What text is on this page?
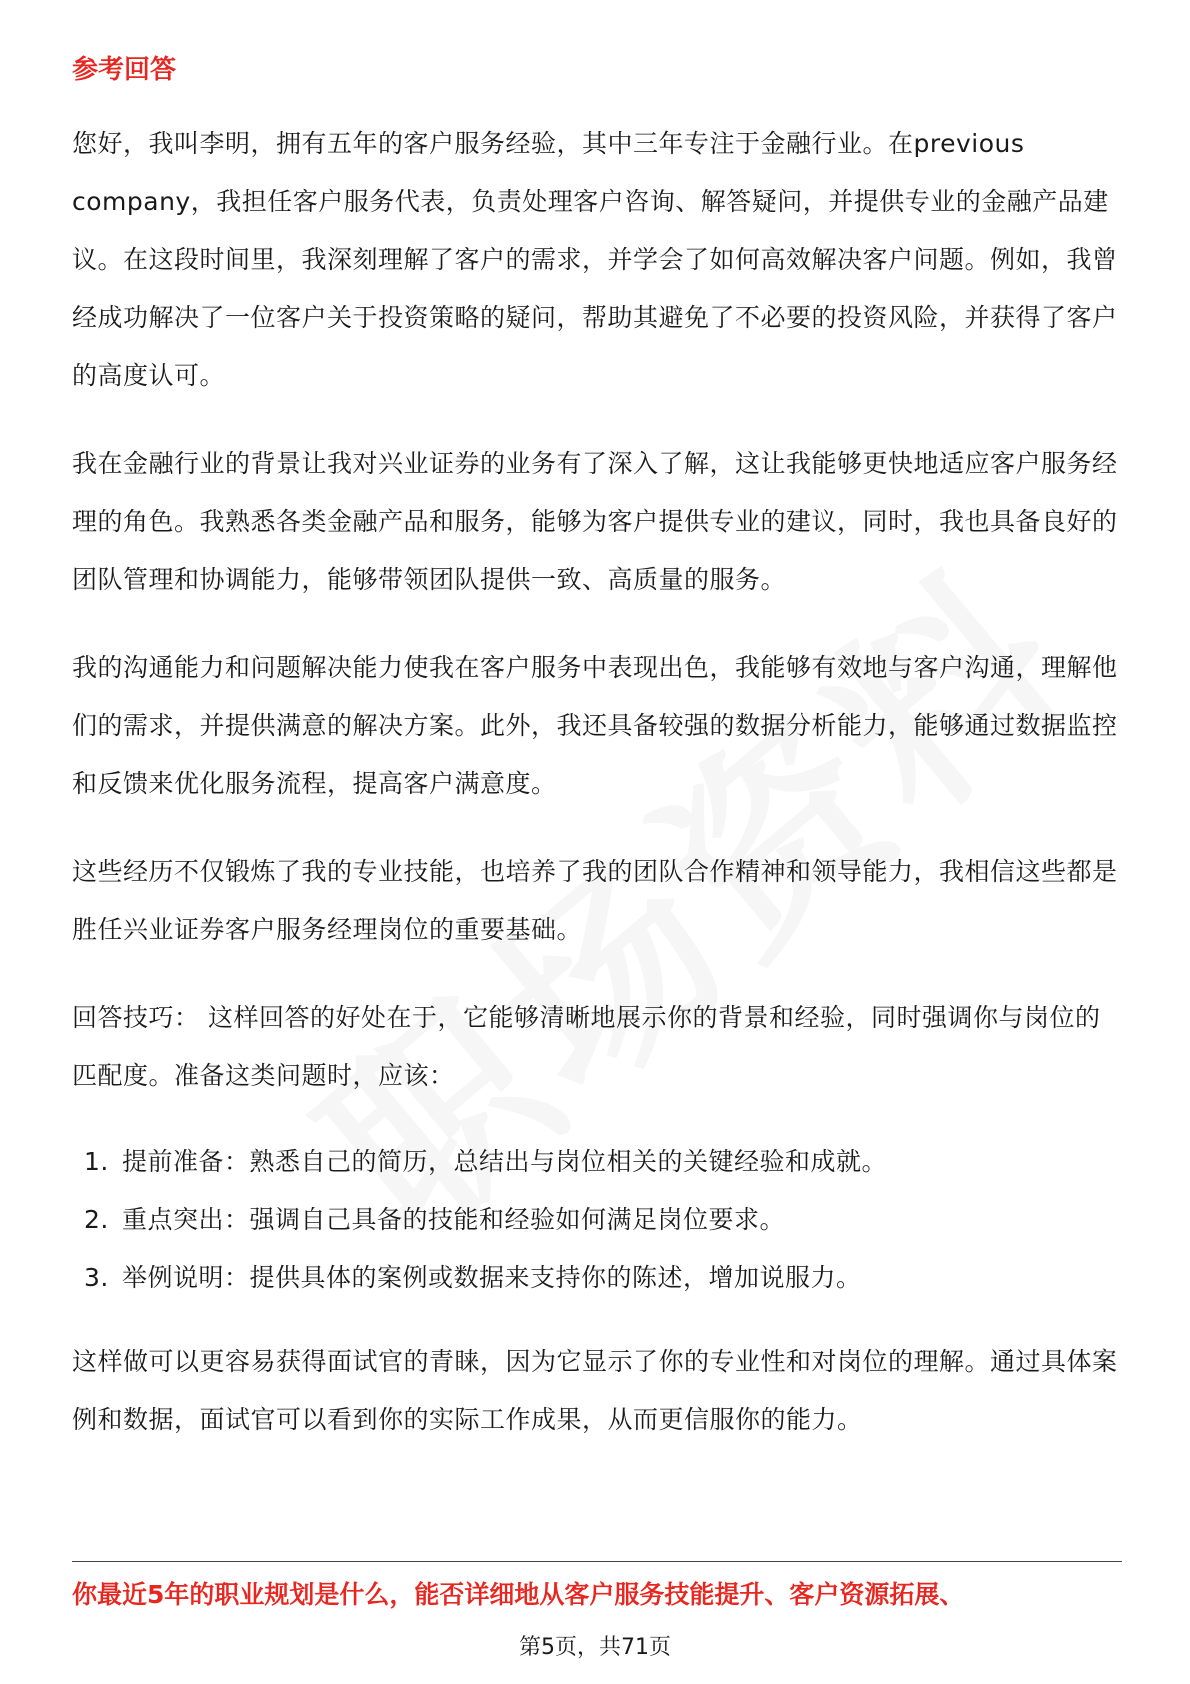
参考回答

您好，我叫李明，拥有五年的客户服务经验，其中三年专注于金融行业。在previous company，我担任客户服务代表，负责处理客户咨询、解答疑问，并提供专业的金融产品建议。在这段时间里，我深刻理解了客户的需求，并学会了如何高效解决客户问题。例如，我曾经成功解决了一位客户关于投资策略的疑问，帮助其避免了不必要的投资风险，并获得了客户的高度认可。

我在金融行业的背景让我对兴业证券的业务有了深入了解，这让我能够更快地适应客户服务经理的角色。我熟悉各类金融产品和服务，能够为客户提供专业的建议，同时，我也具备良好的团队管理和协调能力，能够带领团队提供一致、高质量的服务。

我的沟通能力和问题解决能力使我在客户服务中表现出色，我能够有效地与客户沟通，理解他们的需求，并提供满意的解决方案。此外，我还具备较强的数据分析能力，能够通过数据监控和反馈来优化服务流程，提高客户满意度。

这些经历不仅锻炼了我的专业技能，也培养了我的团队合作精神和领导能力，我相信这些都是胜任兴业证券客户服务经理岗位的重要基础。

回答技巧： 这样回答的好处在于，它能够清晰地展示你的背景和经验，同时强调你与岗位的匹配度。准备这类问题时，应该：

1. 提前准备：熟悉自己的简历，总结出与岗位相关的关键经验和成就。
2. 重点突出：强调自己具备的技能和经验如何满足岗位要求。
3. 举例说明：提供具体的案例或数据来支持你的陈述，增加说服力。

这样做可以更容易获得面试官的青睐，因为它显示了你的专业性和对岗位的理解。通过具体案例和数据，面试官可以看到你的实际工作成果，从而更信服你的能力。

你最近5年的职业规划是什么，能否详细地从客户服务技能提升、客户资源拓展、

第5页，共71页
